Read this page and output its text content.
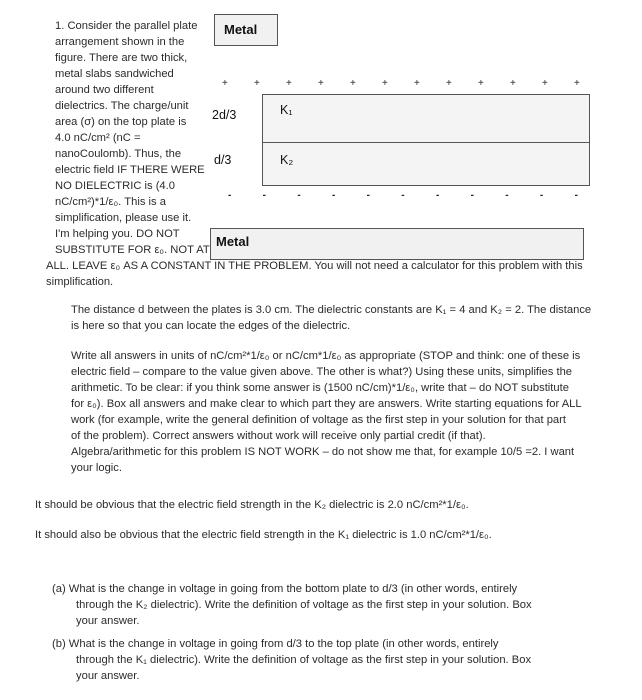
1. Consider the parallel plate
arrangement shown in the
figure. There are two thick,
metal slabs sandwiched
around two different
dielectrics. The charge/unit
area (σ) on the top plate is
4.0 nC/cm² (nC =
nanoCoulomb). Thus, the
electric field IF THERE WERE
NO DIELECTRIC is (4.0
nC/cm²)*1/ε₀. This is a
simplification, please use it.
I'm helping you. DO NOT
SUBSTITUTE FOR ε₀. NOT AT
Metal
+	+	+	+	+	+	+	+	+	+	+	+
K₁
2d/3
K₂
d/3
-	-	-	-	-	-	-	-	-	-	-
Metal
ALL. LEAVE ε₀ AS A CONSTANT IN THE PROBLEM. You will not need a calculator for this problem with this
simplification.
The distance d between the plates is 3.0 cm. The dielectric constants are K₁ = 4 and K₂ = 2. The distance
is here so that you can locate the edges of the dielectric.
Write all answers in units of nC/cm²*1/ε₀ or nC/cm*1/ε₀ as appropriate (STOP and think: one of these is
electric field – compare to the value given above. The other is what?) Using these units, simplifies the
arithmetic. To be clear: if you think some answer is (1500 nC/cm)*1/ε₀, write that – do NOT substitute
for ε₀). Box all answers and make clear to which part they are answers. Write starting equations for ALL
work (for example, write the general definition of voltage as the first step in your solution for that part
of the problem). Correct answers without work will receive only partial credit (if that).
Algebra/arithmetic for this problem IS NOT WORK – do not show me that, for example 10/5 =2. I want
your logic.
It should be obvious that the electric field strength in the K₂ dielectric is 2.0 nC/cm²*1/ε₀.
It should also be obvious that the electric field strength in the K₁ dielectric is 1.0 nC/cm²*1/ε₀.
(a) What is the change in voltage in going from the bottom plate to d/3 (in other words, entirely
through the K₂ dielectric). Write the definition of voltage as the first step in your solution. Box
your answer.
(b) What is the change in voltage in going from d/3 to the top plate (in other words, entirely
through the K₁ dielectric). Write the definition of voltage as the first step in your solution. Box
your answer.
